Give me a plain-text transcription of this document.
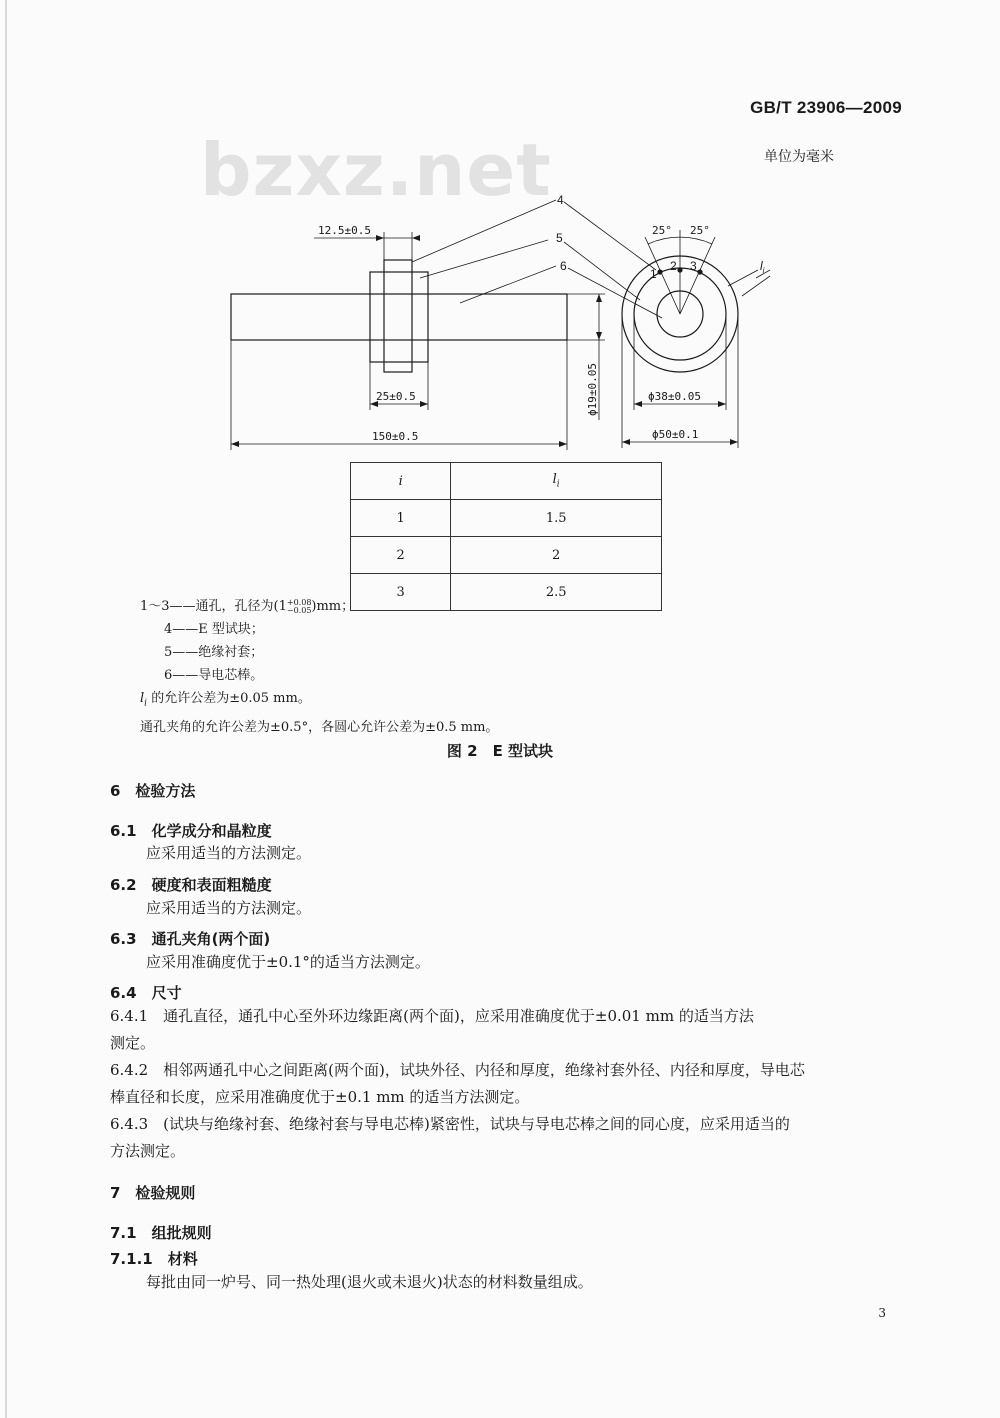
GB/T 23906—2009
bzxz.net	单位为毫米
12.5±0.5
25±0.5
150±0.5
ϕ19±0.05	ϕ38±0.05
ϕ50±0.1
25° 25°
$l_i$
4
5
6
1
2 3
i	$l_i$
1	1.5
2	2
3	2.5
1～3——通孔，孔径为(1+0.08
−0.05)mm；
4——E 型试块；
5——绝缘衬套；
6——导电芯棒。
$l_i$ 的允许公差为±0.05 mm。
通孔夹角的允许公差为±0.5°，各圆心允许公差为±0.5 mm。
图 2　E 型试块
6　检验方法
6.1　化学成分和晶粒度
应采用适当的方法测定。
6.2　硬度和表面粗糙度
应采用适当的方法测定。
6.3　通孔夹角(两个面)
应采用准确度优于±0.1°的适当方法测定。
6.4　尺寸
6.4.1　通孔直径，通孔中心至外环边缘距离(两个面)，应采用准确度优于±0.01 mm 的适当方法
测定。
6.4.2　相邻两通孔中心之间距离(两个面)，试块外径、内径和厚度，绝缘衬套外径、内径和厚度，导电芯
棒直径和长度，应采用准确度优于±0.1 mm 的适当方法测定。
6.4.3　(试块与绝缘衬套、绝缘衬套与导电芯棒)紧密性，试块与导电芯棒之间的同心度，应采用适当的
方法测定。
7　检验规则
7.1　组批规则
7.1.1　材料
每批由同一炉号、同一热处理(退火或未退火)状态的材料数量组成。
3
